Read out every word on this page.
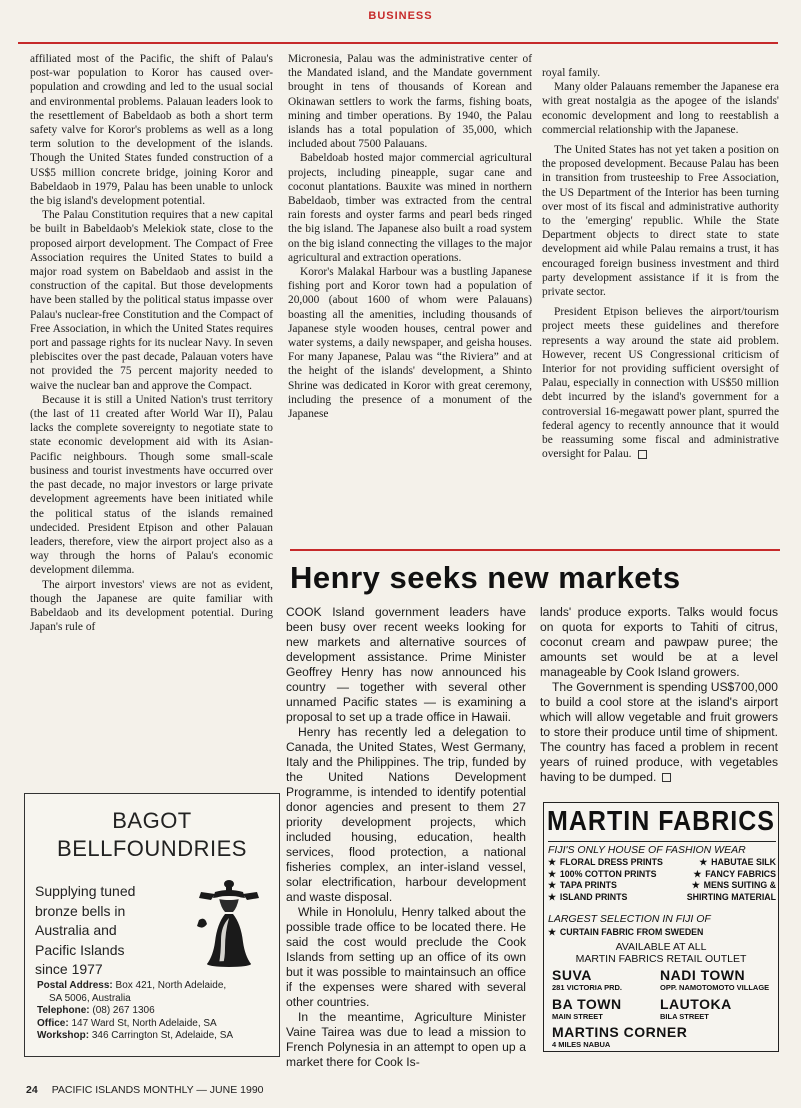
BUSINESS

affiliated most of the Pacific, the shift of Palau's post-war population to Koror has caused over-population and crowding and led to the usual social and environmental problems. Palauan leaders look to the resettlement of Babeldaob as both a short term safety valve for Koror's problems as well as a long term solution to the development of the islands. Though the United States funded construction of a US$5 million concrete bridge, joining Koror and Babeldaob in 1979, Palau has been unable to unlock the big island's development potential.

The Palau Constitution requires that a new capital be built in Babeldaob's Melekiok state, close to the proposed airport development. The Compact of Free Association requires the United States to build a major road system on Babeldaob and assist in the construction of the capital. But those developments have been stalled by the political status impasse over Palau's nuclear-free Constitution and the Compact of Free Association, in which the United States requires port and passage rights for its nuclear Navy. In seven plebiscites over the past decade, Palauan voters have not provided the 75 percent majority needed to waive the nuclear ban and approve the Compact.

Because it is still a United Nation's trust territory (the last of 11 created after World War II), Palau lacks the complete sovereignty to negotiate state to state economic development aid with its Asian-Pacific neighbours. Though some small-scale business and tourist investments have occurred over the past decade, no major investors or large private development agreements have been initiated while the political status of the islands remained undecided. President Etpison and other Palauan leaders, therefore, view the airport project also as a way through the horns of Palau's economic development dilemma.

The airport investors' views are not as evident, though the Japanese are quite familiar with Babeldaob and its development potential. During Japan's rule of

Micronesia, Palau was the administrative center of the Mandated island, and the Mandate government brought in tens of thousands of Korean and Okinawan settlers to work the farms, fishing boats, mining and timber operations. By 1940, the Palau islands has a total population of 35,000, which included about 7500 Palauans.

Babeldoab hosted major commercial agricultural projects, including pineapple, sugar cane and coconut plantations. Bauxite was mined in northern Babeldaob, timber was extracted from the central rain forests and oyster farms and pearl beds ringed the big island. The Japanese also built a road system on the big island connecting the villages to the major agricultural and extraction operations.

Koror's Malakal Harbour was a bustling Japanese fishing port and Koror town had a population of 20,000 (about 1600 of whom were Palauans) boasting all the amenities, including thousands of Japanese style wooden houses, central power and water systems, a daily newspaper, and geisha houses. For many Japanese, Palau was “the Riviera” and at the height of the islands' development, a Shinto Shrine was dedicated in Koror with great ceremony, including the presence of a monument of the Japanese

royal family.

Many older Palauans remember the Japanese era with great nostalgia as the apogee of the islands' economic development and long to reestablish a commercial relationship with the Japanese.

The United States has not yet taken a position on the proposed development. Because Palau has been in transition from trusteeship to Free Association, the US Department of the Interior has been turning over most of its fiscal and administrative authority to the 'emerging' republic. While the State Department objects to direct state to state development aid while Palau remains a trust, it has encouraged foreign business investment and third party development assistance if it is from the private sector.

President Etpison believes the airport/tourism project meets these guidelines and therefore represents a way around the state aid problem. However, recent US Congressional criticism of Interior for not providing sufficient oversight of Palau, especially in connection with US$50 million debt incurred by the island's government for a controversial 16-megawatt power plant, spurred the federal agency to recently announce that it would be reassuming some fiscal and administrative oversight for Palau.

Henry seeks new markets

COOK Island government leaders have been busy over recent weeks looking for new markets and alternative sources of development assistance. Prime Minister Geoffrey Henry has now announced his country — together with several other unnamed Pacific states — is examining a proposal to set up a trade office in Hawaii.

Henry has recently led a delegation to Canada, the United States, West Germany, Italy and the Philippines. The trip, funded by the United Nations Development Programme, is intended to identify potential donor agencies and present to them 27 priority development projects, which included housing, education, health services, flood protection, a national fisheries complex, an inter-island vessel, solar electrification, harbour development and waste disposal.

While in Honolulu, Henry talked about the possible trade office to be located there. He said the cost would preclude the Cook Islands from setting up an office of its own but it was possible to maintainsuch an office if the expenses were shared with several other countries.

In the meantime, Agriculture Minister Vaine Tairea was due to lead a mission to French Polynesia in an attempt to open up a market there for Cook Is-

lands' produce exports. Talks would focus on quota for exports to Tahiti of citrus, coconut cream and pawpaw puree; the amounts set would be at a level manageable by Cook Island growers.

The Government is spending US$700,000 to build a cool store at the island's airport which will allow vegetable and fruit growers to store their produce until time of shipment. The country has faced a problem in recent years of ruined produce, with vegetables having to be dumped.

BAGOT
BELLFOUNDRIES
Supplying tuned
bronze bells in
Australia and
Pacific Islands
since 1977
Postal Address: Box 421, North Adelaide,
SA 5006, Australia
Telephone: (08) 267 1306
Office: 147 Ward St, North Adelaide, SA
Workshop: 346 Carrington St, Adelaide, SA
MARTIN FABRICS
FIJI'S ONLY HOUSE OF FASHION WEAR
★ FLORAL DRESS PRINTS	★ HABUTAE SILK
★ 100% COTTON PRINTS	★ FANCY FABRICS
★ TAPA PRINTS	★ MENS SUITING &
★ ISLAND PRINTS	SHIRTING MATERIAL
LARGEST SELECTION IN FIJI OF
★ CURTAIN FABRIC FROM SWEDEN
AVAILABLE AT ALL
MARTIN FABRICS RETAIL OUTLET
SUVA
281 VICTORIA PRD.
NADI TOWN
OPP. NAMOTOMOTO VILLAGE
BA TOWN
MAIN STREET
LAUTOKA
BILA STREET
MARTINS CORNER
4 MILES NABUA
24 PACIFIC ISLANDS MONTHLY — JUNE 1990
